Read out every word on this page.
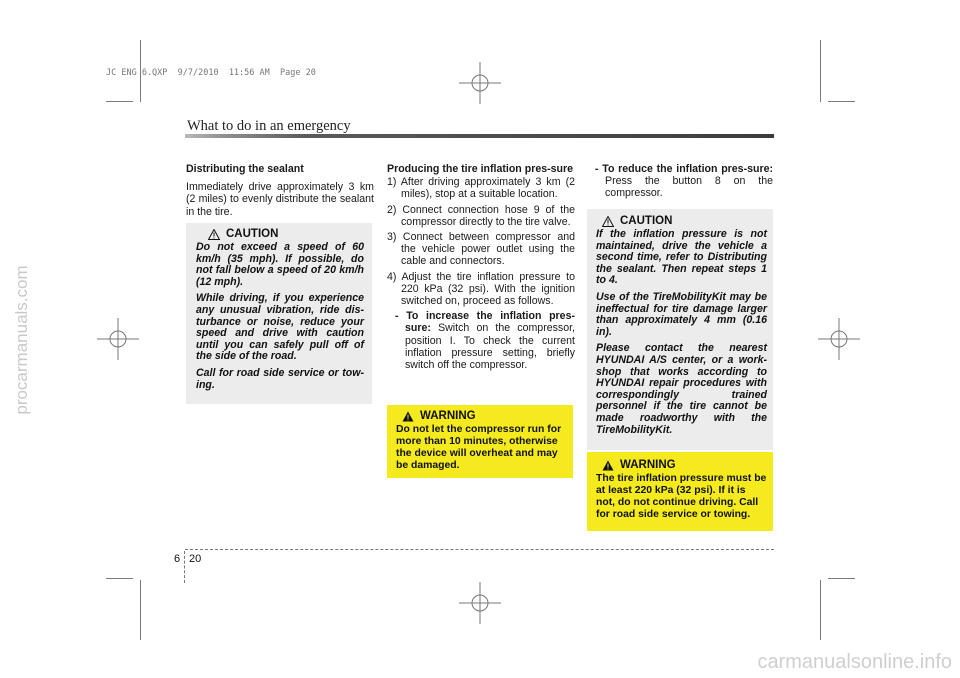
JC ENG 6.QXP  9/7/2010  11:56 AM  Page 20
procarmanuals.com
carmanualsonline.info
What to do in an emergency

Distributing the sealant

Immediately drive approximately 3 km (2 miles) to evenly distribute the sealant in the tire.

CAUTION

Do not exceed a speed of 60 km/h (35 mph). If possible, do not fall below a speed of 20 km/h (12 mph).

While driving, if you experience any unusual vibration, ride dis-turbance or noise, reduce your speed and drive with caution until you can safely pull off of the side of the road.

Call for road side service or tow-ing.

Producing the tire inflation pres-sure

1) After driving approximately 3 km (2 miles), stop at a suitable location.

2) Connect connection hose 9 of the compressor directly to the tire valve.

3) Connect between compressor and the vehicle power outlet using the cable and connectors.

4) Adjust the tire inflation pressure to 220 kPa (32 psi). With the ignition switched on, proceed as follows.

- To increase the inflation pres-sure: Switch on the compressor, position I. To check the current inflation pressure setting, briefly switch off the compressor.

WARNING
Do not let the compressor run for more than 10 minutes, otherwise the device will overheat and may be damaged.

- To reduce the inflation pres-sure: Press the button 8 on the compressor.

CAUTION

If the inflation pressure is not maintained, drive the vehicle a second time, refer to Distributing the sealant. Then repeat steps 1 to 4.

Use of the TireMobilityKit may be ineffectual for tire damage larger than approximately 4 mm (0.16 in).

Please contact the nearest HYUNDAI A/S center, or a work-shop that works according to HYUNDAI repair procedures with correspondingly trained personnel if the tire cannot be made roadworthy with the TireMobilityKit.

WARNING
The tire inflation pressure must be at least 220 kPa (32 psi). If it is not, do not continue driving. Call for road side service or towing.
6 20
